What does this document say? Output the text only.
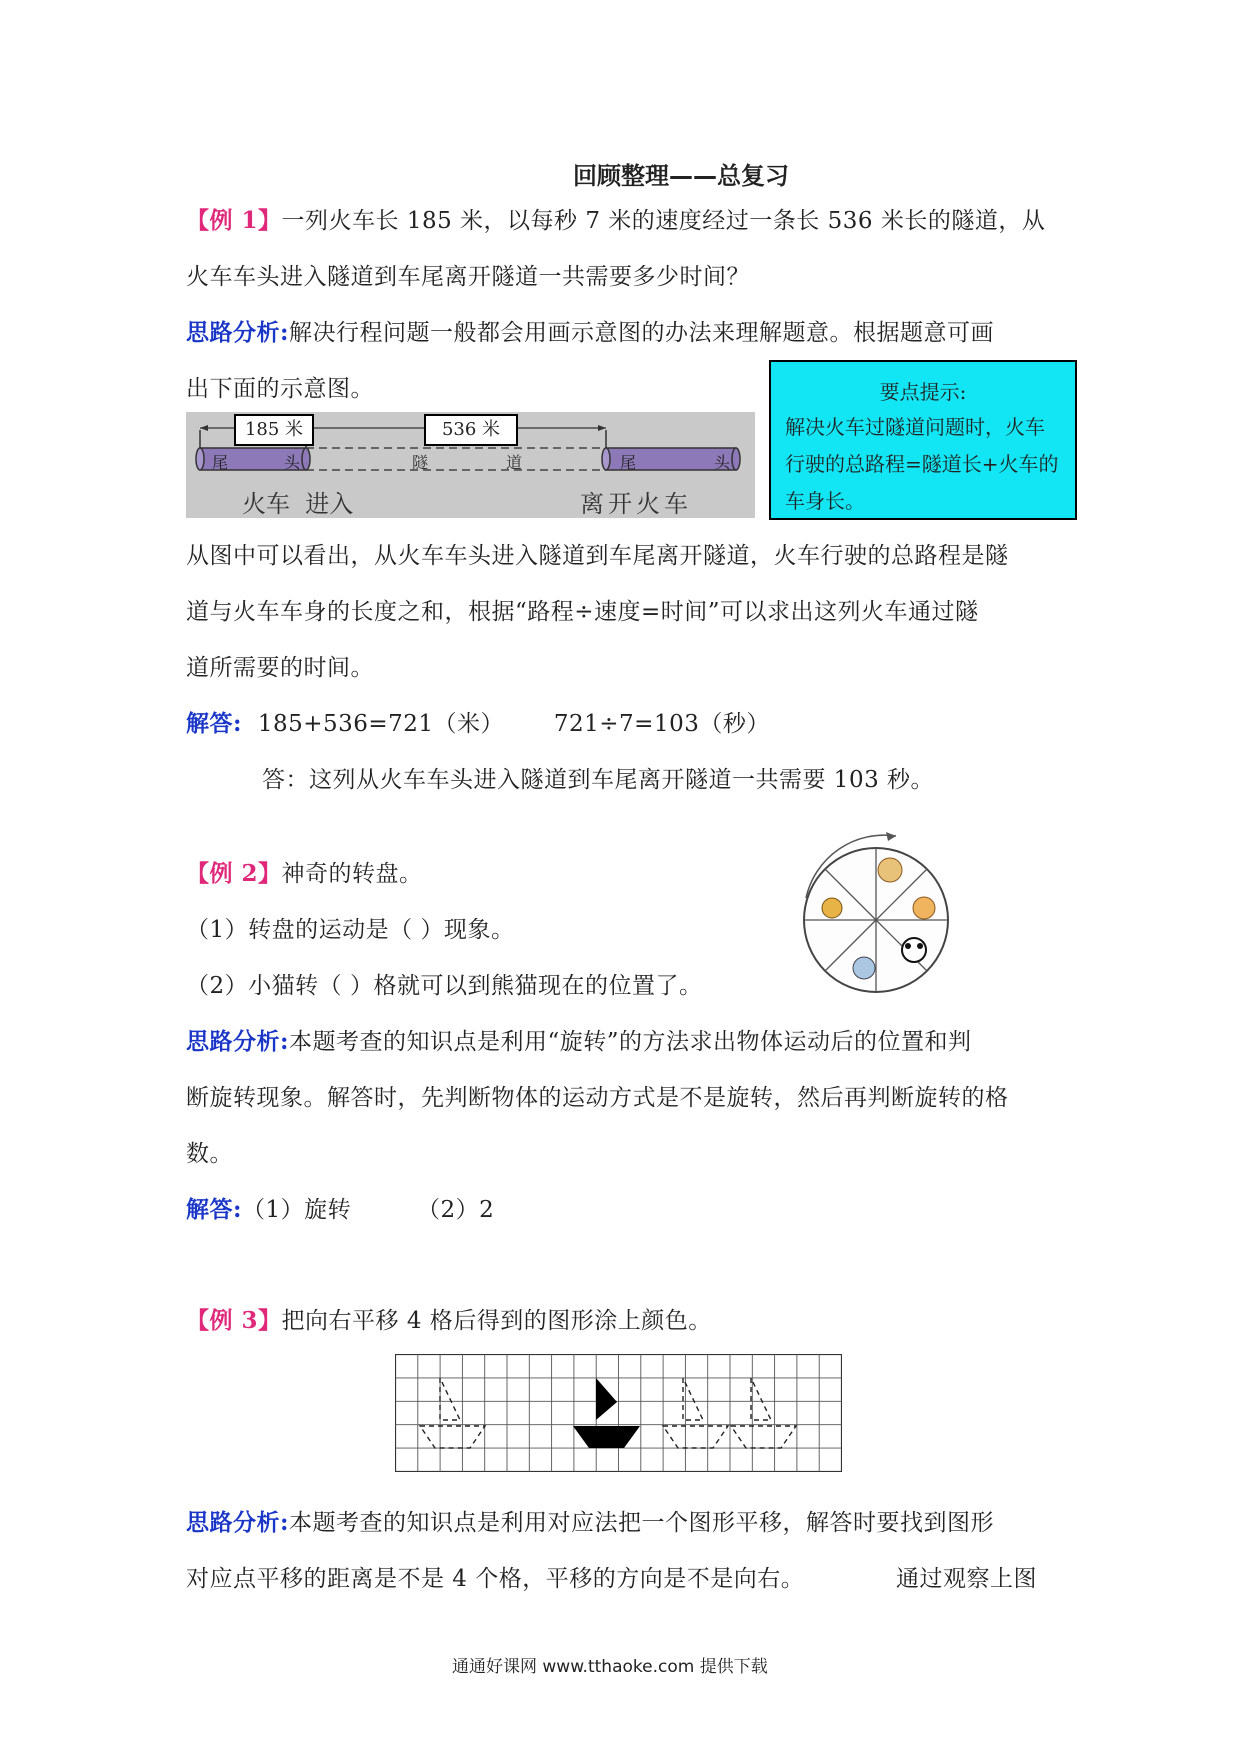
回顾整理——总复习
【例 1】一列火车长 185 米，以每秒 7 米的速度经过一条长 536 米长的隧道，从
火车车头进入隧道到车尾离开隧道一共需要多少时间？
思路分析:解决行程问题一般都会用画示意图的办法来理解题意。根据题意可画
出下面的示意图。
185 米	536 米
尾	头	隧	道	尾	头
火车  进入	离开火车
要点提示:
解决火车过隧道问题时，火车行驶的总路程=隧道长+火车的车身长。
从图中可以看出，从火车车头进入隧道到车尾离开隧道，火车行驶的总路程是隧
道与火车车身的长度之和，根据“路程÷速度=时间”可以求出这列火车通过隧
道所需要的时间。
解答: 185+536=721（米） 721÷7=103（秒）
答：这列从火车车头进入隧道到车尾离开隧道一共需要 103 秒。
【例 2】神奇的转盘。
（1）转盘的运动是（ ）现象。
（2）小猫转（ ）格就可以到熊猫现在的位置了。
思路分析:本题考查的知识点是利用“旋转”的方法求出物体运动后的位置和判
断旋转现象。解答时，先判断物体的运动方式是不是旋转，然后再判断旋转的格
数。
解答:（1）旋转	（2）2
【例 3】把向右平移 4 格后得到的图形涂上颜色。
思路分析:本题考查的知识点是利用对应法把一个图形平移，解答时要找到图形
对应点平移的距离是不是 4 个格，平移的方向是不是向右。	通过观察上图
通通好课网 www.tthaoke.com 提供下载
